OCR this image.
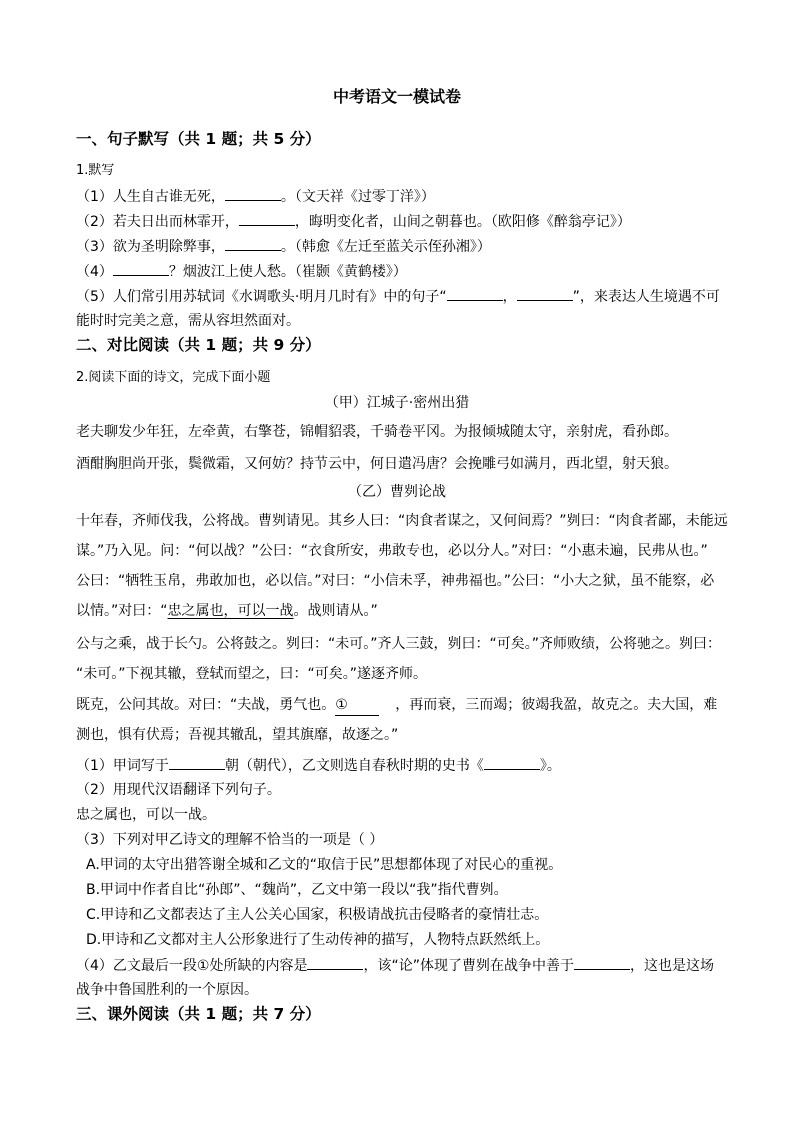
中考语文一模试卷
一、句子默写（共 1 题；共 5 分）
1.默写
（1）人生自古谁无死，	。（文天祥《过零丁洋》）
（2）若夫日出而林霏开，	，晦明变化者，山间之朝暮也。（欧阳修《醉翁亭记》）
（3）欲为圣明除弊事，	。（韩愈《左迁至蓝关示侄孙湘》）
（4）	？烟波江上使人愁。（崔颢《黄鹤楼》）
（5）人们常引用苏轼词《水调歌头·明月几时有》中的句子“	，	”，来表达人生境遇不可
能时时完美之意，需从容坦然面对。
二、对比阅读（共 1 题；共 9 分）
2.阅读下面的诗文，完成下面小题
（甲）江城子·密州出猎
老夫聊发少年狂，左牵黄，右擎苍，锦帽貂裘，千骑卷平冈。为报倾城随太守，亲射虎，看孙郎。
酒酣胸胆尚开张，鬓微霜，又何妨？持节云中，何日遣冯唐？会挽雕弓如满月，西北望，射天狼。
（乙）曹刿论战
十年春，齐师伐我，公将战。曹刿请见。其乡人曰：“肉食者谋之，又何间焉？”刿曰：“肉食者鄙，未能远
谋。”乃入见。问：“何以战？”公曰：“衣食所安，弗敢专也，必以分人。”对曰：“小惠未遍，民弗从也。”
公曰：“牺牲玉帛，弗敢加也，必以信。”对曰：“小信未孚，神弗福也。”公曰：“小大之狱，虽不能察，必
以情。”对曰：“忠之属也，可以一战。战则请从。”
公与之乘，战于长勺。公将鼓之。刿曰：“未可。”齐人三鼓，刿曰：“可矣。”齐师败绩，公将驰之。刿曰：
“未可。”下视其辙，登轼而望之，曰：“可矣。”遂逐齐师。
既克，公问其故。对曰：“夫战，勇气也。①	，再而衰，三而竭；彼竭我盈，故克之。夫大国，难
测也，惧有伏焉；吾视其辙乱，望其旗靡，故逐之。”
（1）甲词写于	朝（朝代），乙文则选自春秋时期的史书《	》。
（2）用现代汉语翻译下列句子。
忠之属也，可以一战。
（3）下列对甲乙诗文的理解不恰当的一项是（ ）
A.甲词的太守出猎答谢全城和乙文的“取信于民”思想都体现了对民心的重视。
B.甲词中作者自比“孙郎”、“魏尚”，乙文中第一段以“我”指代曹刿。
C.甲诗和乙文都表达了主人公关心国家，积极请战抗击侵略者的豪情壮志。
D.甲诗和乙文都对主人公形象进行了生动传神的描写，人物特点跃然纸上。
（4）乙文最后一段①处所缺的内容是	，该“论”体现了曹刿在战争中善于	，这也是这场
战争中鲁国胜利的一个原因。
三、课外阅读（共 1 题；共 7 分）
